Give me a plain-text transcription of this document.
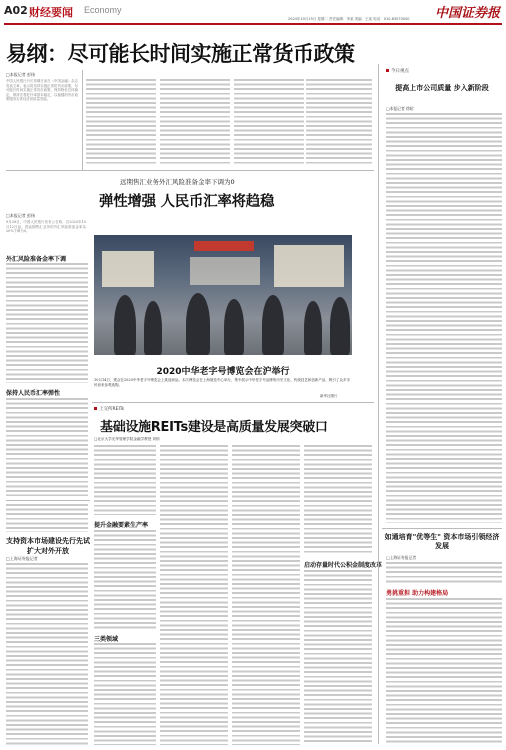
A02 财经要闻 Economy	中国证券报
2024年10月15日 星期二 责任编辑：李某 美编：王某 电话：010-63070000
易纲：尽可能长时间实施正常货币政策
□本报记者 彭扬
中国人民银行行长易纲日前在《中国金融》杂志发表文章，表示将坚持实施正常的货币政策，尽可能长时间实施正常货币政策，保持物价总体稳定，保持宏观杠杆率基本稳定，以稳健的货币政策服务实体经济高质量发展。
远期售汇业务外汇风险准备金率下调为0
弹性增强 人民币汇率将趋稳
□本报记者 彭扬
9月28日，中国人民银行发布公告称，自2020年10月12日起，将远期售汇业务的外汇风险准备金率从20%下调为0。
外汇风险准备金率下调
保持人民币汇率弹性
2020中华老字号博览会在沪举行
10月14日，观众在2020中华老字号博览会上挑选商品。本次博览会在上海展览中心举办，集中展示中华老字号品牌的历史文化、传统技艺和创新产品，吸引了众多市民前来参观选购。
新华社图片
支持资本市场建设先行先试 扩大对外开放
□上海证券报记者
上交所REITs
基础设施REITs建设是高质量发展突破口
□北京大学光华管理学院金融学教授 刘俏
提升金融要素生产率
三类领域
启动存量时代公积金制度改革
今日视点
提高上市公司质量 步入新阶段
□本报记者 徐昭
如通培育"优等生" 资本市场引领经济发展
□上海证券报记者
勇挑重担 助力构建格局
